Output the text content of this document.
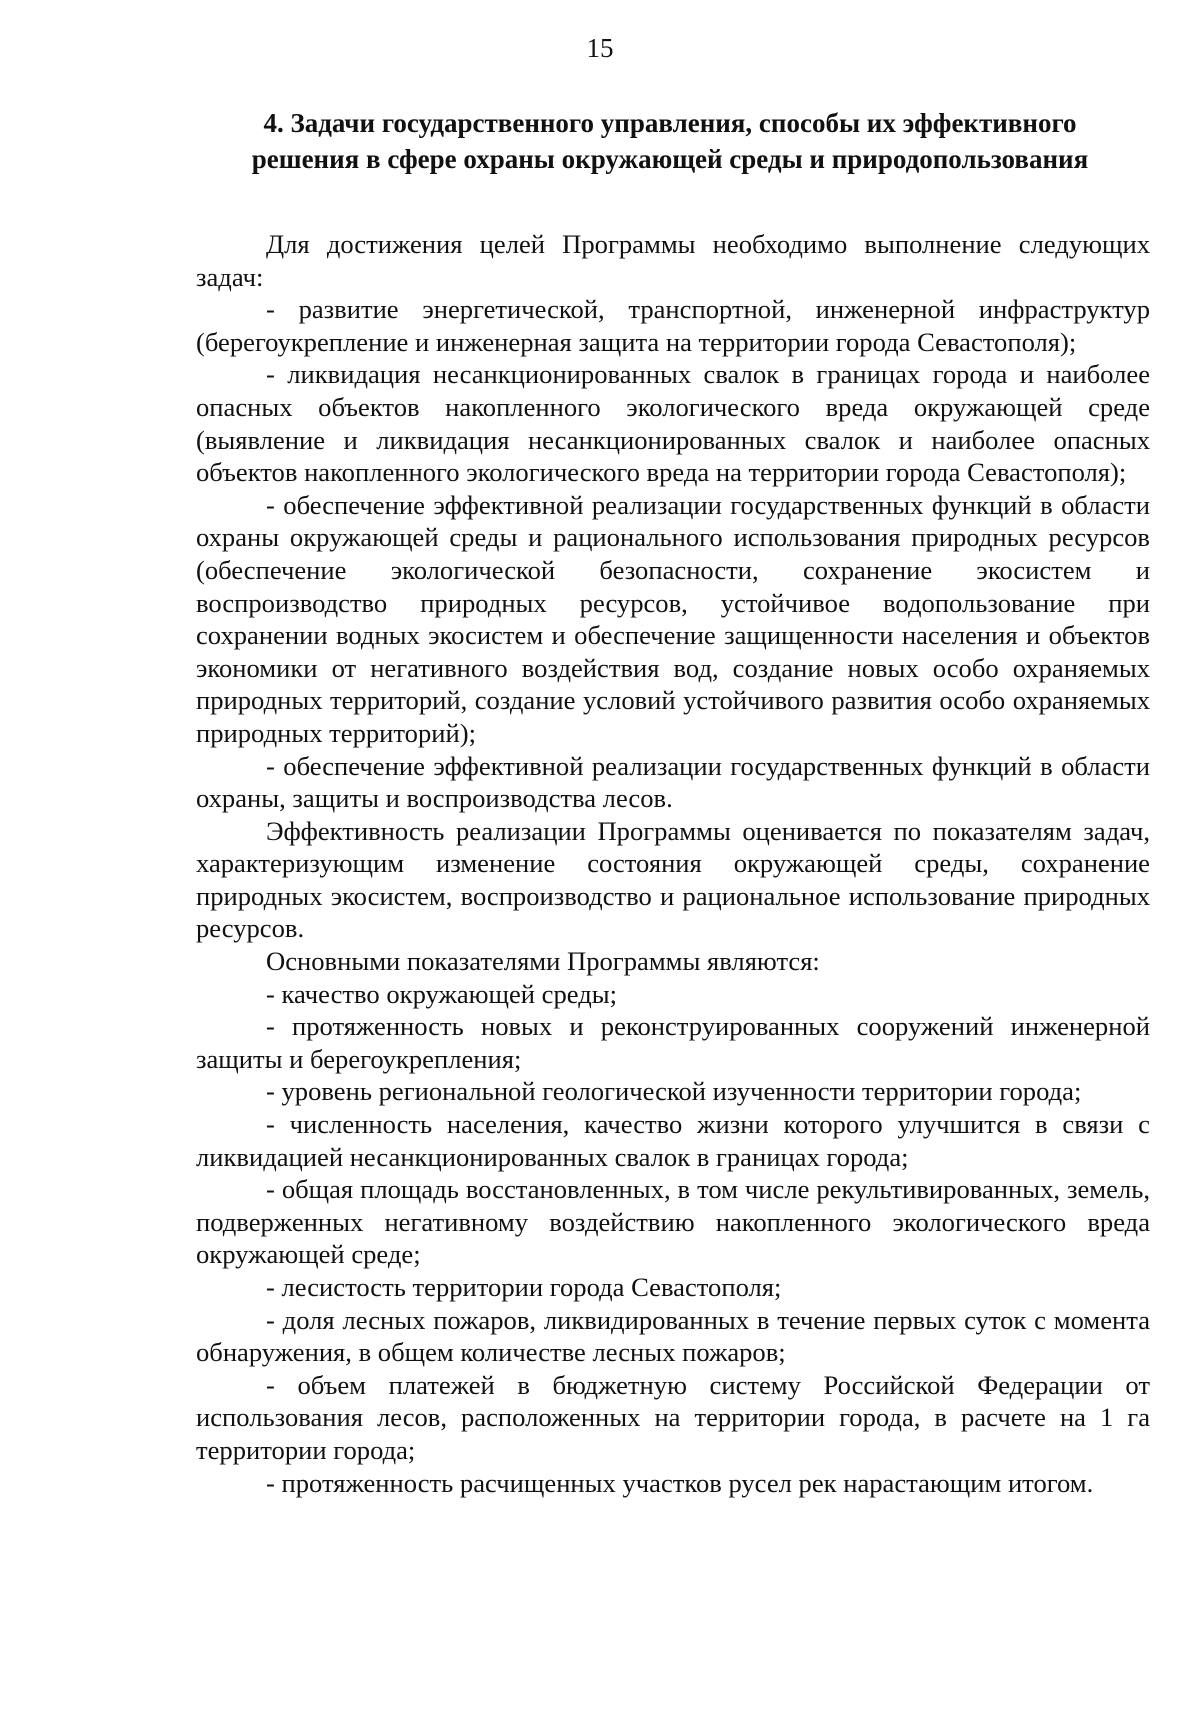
15
4. Задачи государственного управления, способы их эффективного
решения в сфере охраны окружающей среды и природопользования

Для достижения целей Программы необходимо выполнение следующих задач:

- развитие энергетической, транспортной, инженерной инфраструктур (берегоукрепление и инженерная защита на территории города Севастополя);

- ликвидация несанкционированных свалок в границах города и наиболее опасных объектов накопленного экологического вреда окружающей среде (выявление и ликвидация несанкционированных свалок и наиболее опасных объектов накопленного экологического вреда на территории города Севастополя);

- обеспечение эффективной реализации государственных функций в области охраны окружающей среды и рационального использования природных ресурсов (обеспечение экологической безопасности, сохранение экосистем и воспроизводство природных ресурсов, устойчивое водопользование при сохранении водных экосистем и обеспечение защищенности населения и объектов экономики от негативного воздействия вод, создание новых особо охраняемых природных территорий, создание условий устойчивого развития особо охраняемых природных территорий);

- обеспечение эффективной реализации государственных функций в области охраны, защиты и воспроизводства лесов.

Эффективность реализации Программы оценивается по показателям задач, характеризующим изменение состояния окружающей среды, сохранение природных экосистем, воспроизводство и рациональное использование природных ресурсов.

Основными показателями Программы являются:

- качество окружающей среды;

- протяженность новых и реконструированных сооружений инженерной защиты и берегоукрепления;

- уровень региональной геологической изученности территории города;

- численность населения, качество жизни которого улучшится в связи с ликвидацией несанкционированных свалок в границах города;

- общая площадь восстановленных, в том числе рекультивированных, земель, подверженных негативному воздействию накопленного экологического вреда окружающей среде;

- лесистость территории города Севастополя;

- доля лесных пожаров, ликвидированных в течение первых суток с момента обнаружения, в общем количестве лесных пожаров;

- объем платежей в бюджетную систему Российской Федерации от использования лесов, расположенных на территории города, в расчете на 1 га территории города;

- протяженность расчищенных участков русел рек нарастающим итогом.
